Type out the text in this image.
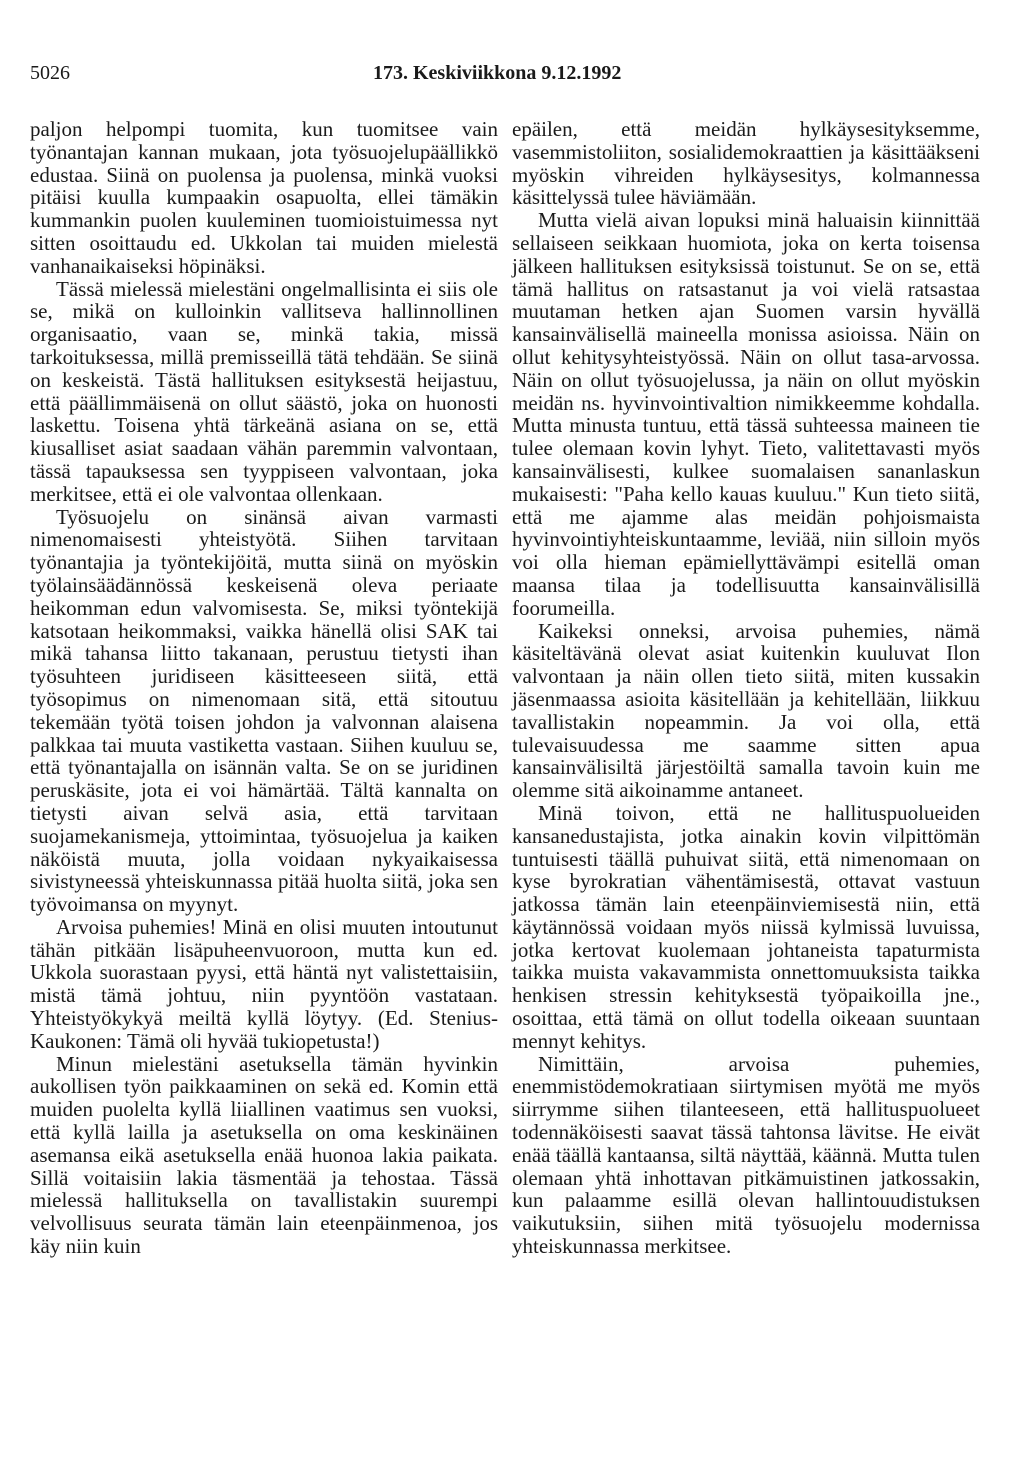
5026	173. Keskiviikkona 9.12.1992

paljon helpompi tuomita, kun tuomitsee vain työnantajan kannan mukaan, jota työsuojelupäällikkö edustaa. Siinä on puolensa ja puolensa, minkä vuoksi pitäisi kuulla kumpaakin osapuolta, ellei tämäkin kummankin puolen kuuleminen tuomioistuimessa nyt sitten osoittaudu ed. Ukkolan tai muiden mielestä vanhanaikaiseksi höpinäksi.

Tässä mielessä mielestäni ongelmallisinta ei siis ole se, mikä on kulloinkin vallitseva hallinnollinen organisaatio, vaan se, minkä takia, missä tarkoituksessa, millä premisseillä tätä tehdään. Se siinä on keskeistä. Tästä hallituksen esityksestä heijastuu, että päällimmäisenä on ollut säästö, joka on huonosti laskettu. Toisena yhtä tärkeänä asiana on se, että kiusalliset asiat saadaan vähän paremmin valvontaan, tässä tapauksessa sen tyyppiseen valvontaan, joka merkitsee, että ei ole valvontaa ollenkaan.

Työsuojelu on sinänsä aivan varmasti nimenomaisesti yhteistyötä. Siihen tarvitaan työnantajia ja työntekijöitä, mutta siinä on myöskin työlainsäädännössä keskeisenä oleva periaate heikomman edun valvomisesta. Se, miksi työntekijä katsotaan heikommaksi, vaikka hänellä olisi SAK tai mikä tahansa liitto takanaan, perustuu tietysti ihan työsuhteen juridiseen käsitteeseen siitä, että työsopimus on nimenomaan sitä, että sitoutuu tekemään työtä toisen johdon ja valvonnan alaisena palkkaa tai muuta vastiketta vastaan. Siihen kuuluu se, että työnantajalla on isännän valta. Se on se juridinen peruskäsite, jota ei voi hämärtää. Tältä kannalta on tietysti aivan selvä asia, että tarvitaan suojamekanismeja, yttoimintaa, työsuojelua ja kaiken näköistä muuta, jolla voidaan nykyaikaisessa sivistyneessä yhteiskunnassa pitää huolta siitä, joka sen työvoimansa on myynyt.

Arvoisa puhemies! Minä en olisi muuten intoutunut tähän pitkään lisäpuheenvuoroon, mutta kun ed. Ukkola suorastaan pyysi, että häntä nyt valistettaisiin, mistä tämä johtuu, niin pyyntöön vastataan. Yhteistyökykyä meiltä kyllä löytyy. (Ed. Stenius-Kaukonen: Tämä oli hyvää tukiopetusta!)

Minun mielestäni asetuksella tämän hyvinkin aukollisen työn paikkaaminen on sekä ed. Komin että muiden puolelta kyllä liiallinen vaatimus sen vuoksi, että kyllä lailla ja asetuksella on oma keskinäinen asemansa eikä asetuksella enää huonoa lakia paikata. Sillä voitaisiin lakia täsmentää ja tehostaa. Tässä mielessä hallituksella on tavallistakin suurempi velvollisuus seurata tämän lain eteenpäinmenoa, jos käy niin kuin

epäilen, että meidän hylkäysesityksemme, vasemmistoliiton, sosialidemokraattien ja käsittääkseni myöskin vihreiden hylkäysesitys, kolmannessa käsittelyssä tulee häviämään.

Mutta vielä aivan lopuksi minä haluaisin kiinnittää sellaiseen seikkaan huomiota, joka on kerta toisensa jälkeen hallituksen esityksissä toistunut. Se on se, että tämä hallitus on ratsastanut ja voi vielä ratsastaa muutaman hetken ajan Suomen varsin hyvällä kansainvälisellä maineella monissa asioissa. Näin on ollut kehitysyhteistyössä. Näin on ollut tasa-arvossa. Näin on ollut työsuojelussa, ja näin on ollut myöskin meidän ns. hyvinvointivaltion nimikkeemme kohdalla. Mutta minusta tuntuu, että tässä suhteessa maineen tie tulee olemaan kovin lyhyt. Tieto, valitettavasti myös kansainvälisesti, kulkee suomalaisen sananlaskun mukaisesti: "Paha kello kauas kuuluu." Kun tieto siitä, että me ajamme alas meidän pohjoismaista hyvinvointiyhteiskuntaamme, leviää, niin silloin myös voi olla hieman epämiellyttävämpi esitellä oman maansa tilaa ja todellisuutta kansainvälisillä foorumeilla.

Kaikeksi onneksi, arvoisa puhemies, nämä käsiteltävänä olevat asiat kuitenkin kuuluvat Ilon valvontaan ja näin ollen tieto siitä, miten kussakin jäsenmaassa asioita käsitellään ja kehitellään, liikkuu tavallistakin nopeammin. Ja voi olla, että tulevaisuudessa me saamme sitten apua kansainvälisiltä järjestöiltä samalla tavoin kuin me olemme sitä aikoinamme antaneet.

Minä toivon, että ne hallituspuolueiden kansanedustajista, jotka ainakin kovin vilpittömän tuntuisesti täällä puhuivat siitä, että nimenomaan on kyse byrokratian vähentämisestä, ottavat vastuun jatkossa tämän lain eteenpäinviemisestä niin, että käytännössä voidaan myös niissä kylmissä luvuissa, jotka kertovat kuolemaan johtaneista tapaturmista taikka muista vakavammista onnettomuuksista taikka henkisen stressin kehityksestä työpaikoilla jne., osoittaa, että tämä on ollut todella oikeaan suuntaan mennyt kehitys.

Nimittäin, arvoisa puhemies, enemmistödemokratiaan siirtymisen myötä me myös siirrymme siihen tilanteeseen, että hallituspuolueet todennäköisesti saavat tässä tahtonsa lävitse. He eivät enää täällä kantaansa, siltä näyttää, käännä. Mutta tulen olemaan yhtä inhottavan pitkämuistinen jatkossakin, kun palaamme esillä olevan hallintouudistuksen vaikutuksiin, siihen mitä työsuojelu modernissa yhteiskunnassa merkitsee.
